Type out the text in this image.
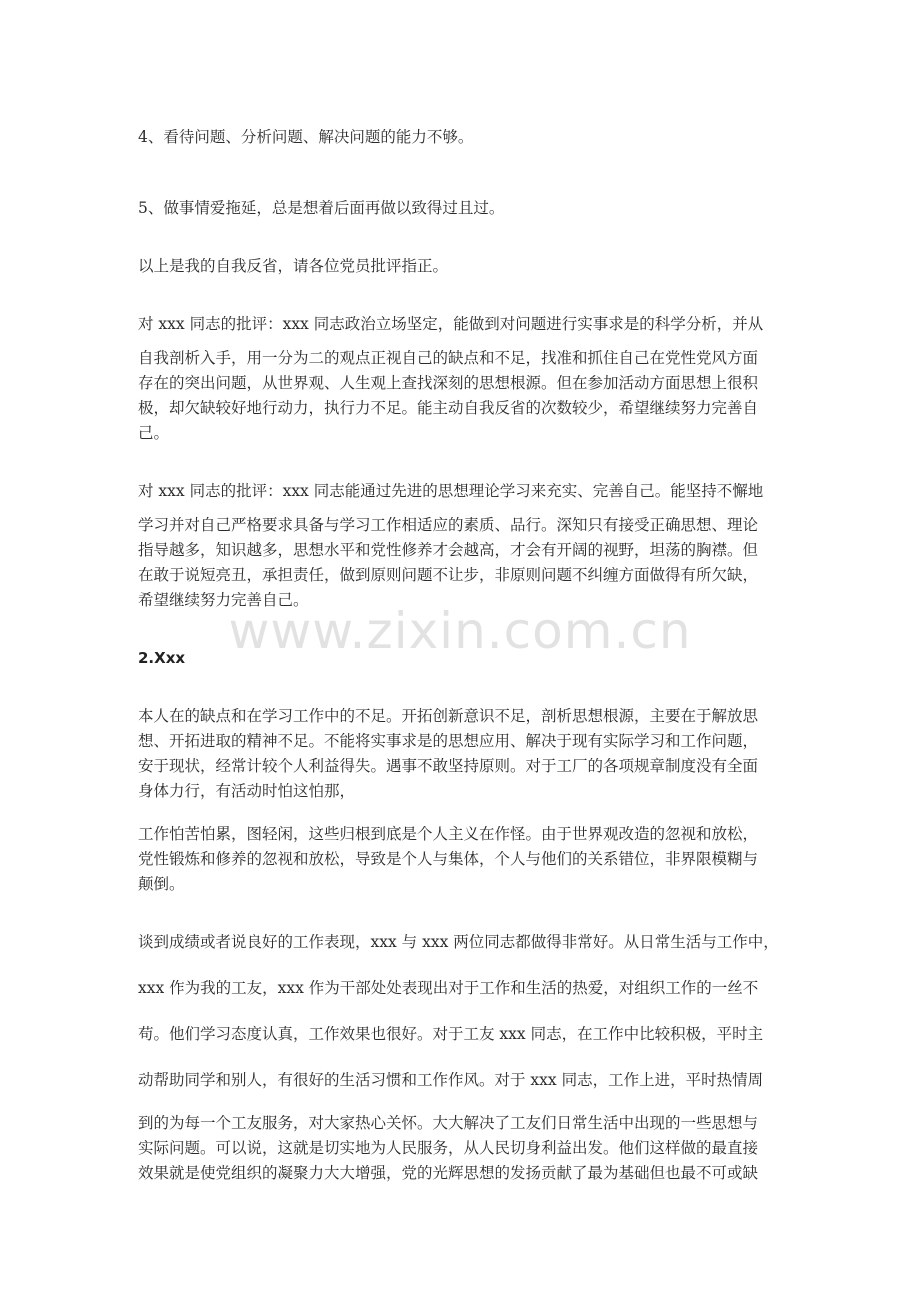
www.zixin.com.cn
4、看待问题、分析问题、解决问题的能力不够。
5、做事情爱拖延，总是想着后面再做以致得过且过。
以上是我的自我反省，请各位党员批评指正。
对 xxx 同志的批评：xxx 同志政治立场坚定，能做到对问题进行实事求是的科学分析，并从
自我剖析入手，用一分为二的观点正视自己的缺点和不足，找准和抓住自己在党性党风方面
存在的突出问题，从世界观、人生观上查找深刻的思想根源。但在参加活动方面思想上很积
极，却欠缺较好地行动力，执行力不足。能主动自我反省的次数较少，希望继续努力完善自
己。
对 xxx 同志的批评：xxx 同志能通过先进的思想理论学习来充实、完善自己。能坚持不懈地
学习并对自己严格要求具备与学习工作相适应的素质、品行。深知只有接受正确思想、理论
指导越多，知识越多，思想水平和党性修养才会越高，才会有开阔的视野，坦荡的胸襟。但
在敢于说短亮丑，承担责任，做到原则问题不让步，非原则问题不纠缠方面做得有所欠缺，
希望继续努力完善自己。
2.Xxx
本人在的缺点和在学习工作中的不足。开拓创新意识不足，剖析思想根源，主要在于解放思
想、开拓进取的精神不足。不能将实事求是的思想应用、解决于现有实际学习和工作问题，
安于现状，经常计较个人利益得失。遇事不敢坚持原则。对于工厂的各项规章制度没有全面
身体力行，有活动时怕这怕那，
工作怕苦怕累，图轻闲，这些归根到底是个人主义在作怪。由于世界观改造的忽视和放松，
党性锻炼和修养的忽视和放松，导致是个人与集体，个人与他们的关系错位，非界限模糊与
颠倒。
谈到成绩或者说良好的工作表现，xxx 与 xxx 两位同志都做得非常好。从日常生活与工作中，
xxx 作为我的工友，xxx 作为干部处处表现出对于工作和生活的热爱，对组织工作的一丝不
苟。他们学习态度认真，工作效果也很好。对于工友 xxx 同志，在工作中比较积极，平时主
动帮助同学和别人，有很好的生活习惯和工作作风。对于 xxx 同志，工作上进，平时热情周
到的为每一个工友服务，对大家热心关怀。大大解决了工友们日常生活中出现的一些思想与
实际问题。可以说，这就是切实地为人民服务，从人民切身利益出发。他们这样做的最直接
效果就是使党组织的凝聚力大大增强，党的光辉思想的发扬贡献了最为基础但也最不可或缺
